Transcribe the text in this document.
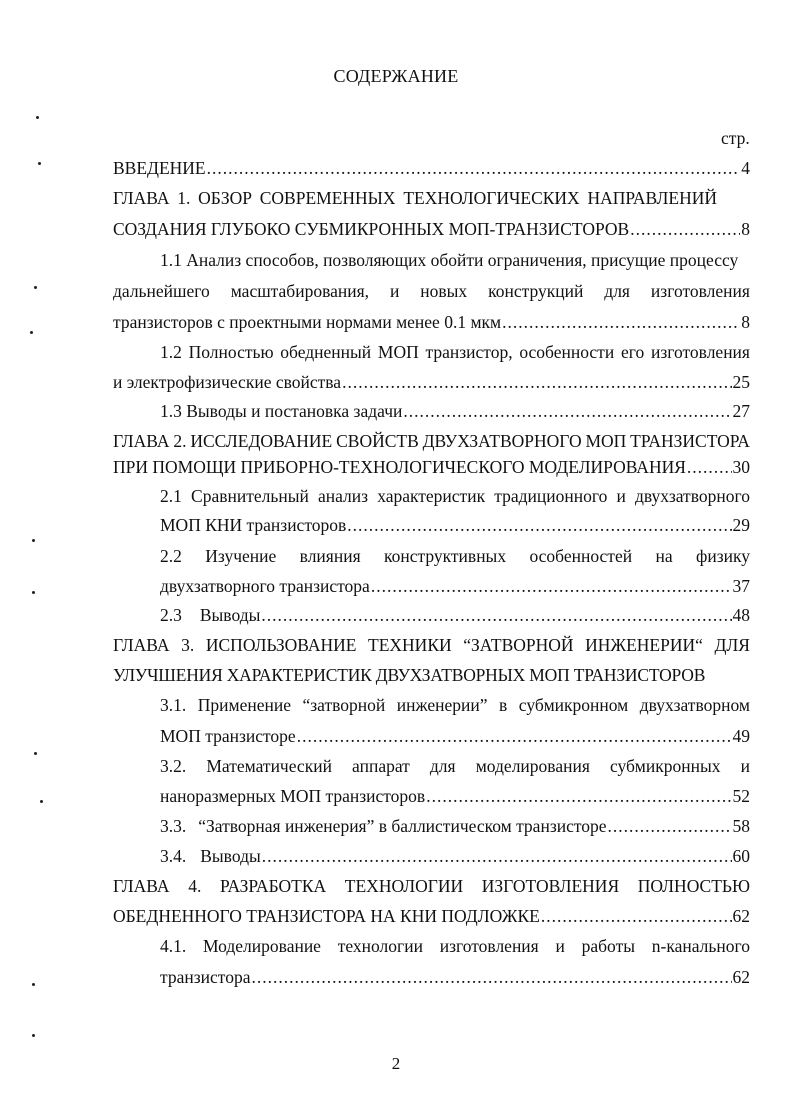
СОДЕРЖАНИЕ
стр.
ВВЕДЕНИЕ .....	4
ГЛАВА 1. ОБЗОР СОВРЕМЕННЫХ ТЕХНОЛОГИЧЕСКИХ НАПРАВЛЕНИЙ
СОЗДАНИЯ ГЛУБОКО СУБМИКРОННЫХ МОП-ТРАНЗИСТОРОВ .....	8
1.1 Анализ способов, позволяющих обойти ограничения, присущие процессу
дальнейшего масштабирования, и новых конструкций для изготовления
транзисторов с проектными нормами менее 0.1 мкм .....	8
1.2 Полностью обедненный МОП транзистор, особенности его изготовления
и электрофизические свойства .....	25
1.3 Выводы и постановка задачи .....	27
ГЛАВА 2. ИССЛЕДОВАНИЕ СВОЙСТВ ДВУХЗАТВОРНОГО МОП ТРАНЗИСТОРА
ПРИ ПОМОЩИ ПРИБОРНО-ТЕХНОЛОГИЧЕСКОГО МОДЕЛИРОВАНИЯ .....	30
2.1 Сравнительный анализ характеристик традиционного и двухзатворного
МОП КНИ транзисторов .....	29
2.2 Изучение влияния конструктивных особенностей на физику
двухзатворного транзистора .....	37
2.3 Выводы .....	48
ГЛАВА 3. ИСПОЛЬЗОВАНИЕ ТЕХНИКИ “ЗАТВОРНОЙ ИНЖЕНЕРИИ“ ДЛЯ
УЛУЧШЕНИЯ ХАРАКТЕРИСТИК ДВУХЗАТВОРНЫХ МОП ТРАНЗИСТОРОВ
3.1. Применение “затворной инженерии” в субмикронном двухзатворном
МОП транзисторе .....	49
3.2. Математический аппарат для моделирования субмикронных и
наноразмерных МОП транзисторов .....	52
3.3. “Затворная инженерия” в баллистическом транзисторе .....	58
3.4. Выводы .....	60
ГЛАВА 4. РАЗРАБОТКА ТЕХНОЛОГИИ ИЗГОТОВЛЕНИЯ ПОЛНОСТЬЮ
ОБЕДНЕННОГО ТРАНЗИСТОРА НА КНИ ПОДЛОЖКЕ .....	62
4.1. Моделирование технологии изготовления и работы n-канального
транзистора .....	62
2
